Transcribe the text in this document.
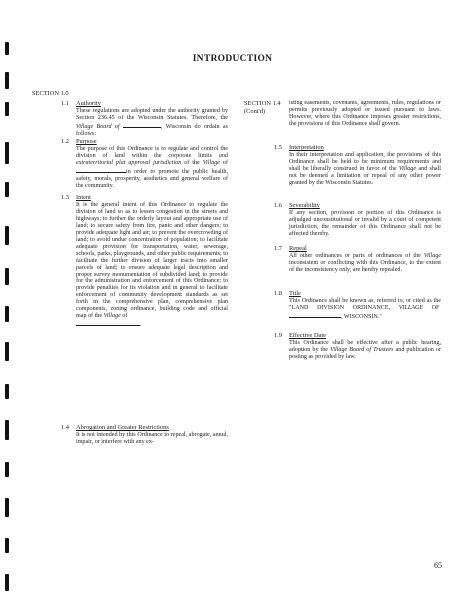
INTRODUCTION
SECTION 1.0
1.1 Authority
These regulations are adopted under the authority granted by Section 236.45 of the Wisconsin Statutes. Therefore, the Village Board of	, Wisconsin do ordain as follows:
1.2 Purpose
The purpose of this Ordinance is to regulate and control the division of land within the corporate limits and extraterritorial plat approval jurisdiction of the Village of in order to promote the public health, safety, morals, prosperity, aesthetics and general welfare of the community.
1.3 Intent
It is the general intent of this Ordinance to regulate the division of land so as to lessen congestion in the streets and highways; to further the orderly layout and appropriate use of land; to secure safety from fire, panic and other dangers; to provide adequate light and air; to prevent the overcrowding of land; to avoid undue concentration of population; to facilitate adequate provision for transportation, water, sewerage, schools, parks, playgrounds, and other public requirements; to facilitate the further division of larger tracts into smaller parcels of land; to ensure adequate legal description and proper survey monumentation of subdivided land; to provide for the administration and enforcement of this Ordinance; to provide penalties for its violation and in general to facilitate enforcement of community development standards as set forth in the comprehensive plan, comprehensive plan components, zoning ordinance, building code and official map of the Village of
.
1.4 Abrogation and Greater Restrictions
It is not intended by this Ordinance to repeal, abrogate, annul, impair, or interfere with any ex-
SECTION 1.4
(Cont'd)
isting easements, covenants, agreements, rules, regulations or permits previously adopted or issued pursuant to laws. However, where this Ordinance imposes greater restrictions, the provisions of this Ordinance shall govern.
1.5 Interpretation
In their interpretation and application, the provisions of this Ordinance shall be held to be minimum requirements and shall be liberally construed in favor of the Village and shall not be deemed a limitation or repeal of any other power granted by the Wisconsin Statutes.
1.6 Severability
If any section, provision or portion of this Ordinance is adjudged unconstitutional or invalid by a court of competent jurisdiction, the remainder of this Ordinance shall not be affected thereby.
1.7 Repeal
All other ordinances or parts of ordinances of the Village inconsistent or conflicting with this Ordinance, to the extent of the inconsistency only, are hereby repealed.
1.8 Title
This Ordinance shall be known as, referred to, or cited as the "LAND DIVISION ORDINANCE, VILLAGE OF , WISCONSIN."
1.9 Effective Date
This Ordinance shall be effective after a public hearing, adoption by the Village Board of Trustees and publication or posting as provided by law.
65
